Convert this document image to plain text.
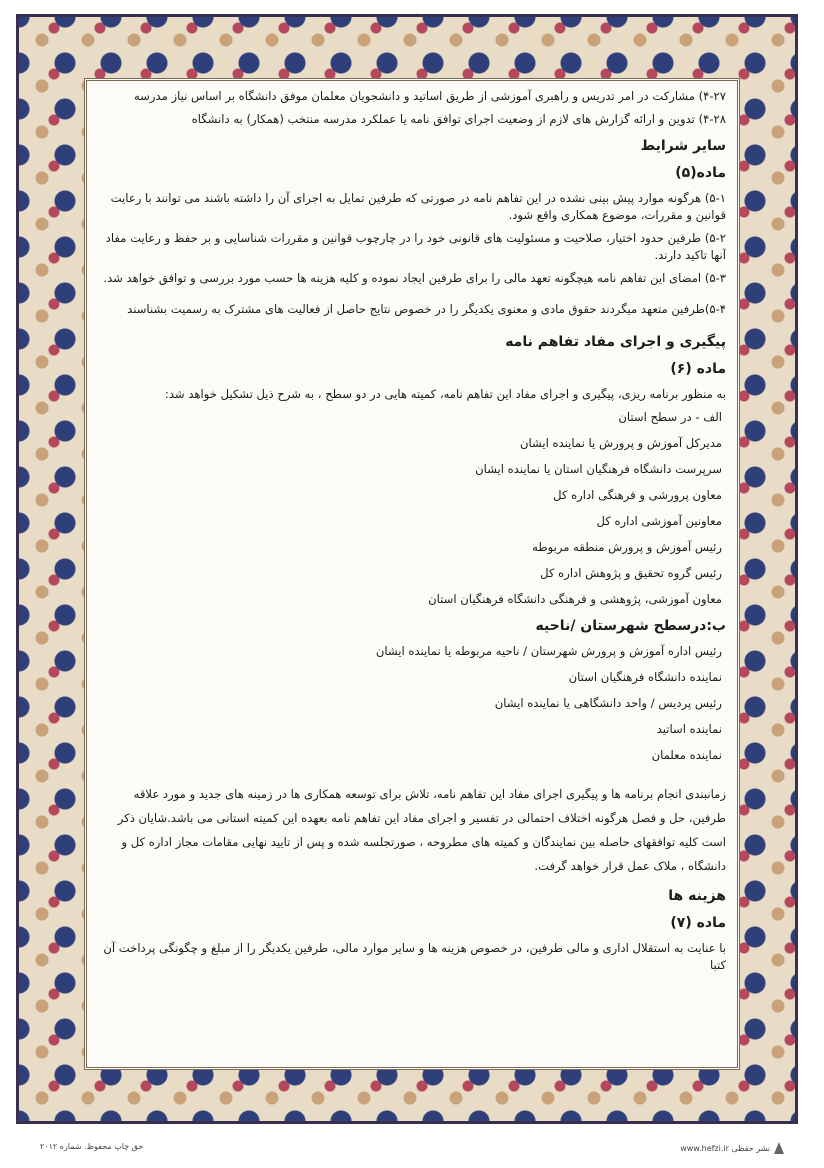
·  ·
۴-۲۷) مشارکت در امر تدریس و راهبری آموزشی از طریق اساتید و دانشجویان معلمان موفق دانشگاه بر اساس نیاز مدرسه
۴-۲۸) تدوین و ارائه گزارش های لازم از وضعیت اجرای توافق نامه یا عملکرد مدرسه منتخب (همکار) به دانشگاه
سایر شرایط
ماده(۵)
۵-۱) هرگونه موارد پیش بینی نشده در این تفاهم نامه در صورتی که طرفین تمایل به اجرای آن را داشته باشند می توانند با رعایت قوانین و مقررات، موضوع همکاری واقع شود.
۵-۲) طرفین حدود اختیار، صلاحیت و مسئولیت های قانونی خود را در چارچوب قوانین و مقررات شناسایی و بر حفظ و رعایت مفاد آنها تاکید دارند.
۵-۳) امضای این تفاهم نامه هیچگونه تعهد مالی را برای طرفین ایجاد نموده و کلیه هزینه ها حسب مورد بررسی و توافق خواهد شد.
۵-۴)طرفین متعهد میگردند حقوق مادی و معنوی یکدیگر را در خصوص نتایج حاصل از فعالیت های مشترک به رسمیت بشناسند
پیگیری و اجرای مفاد تفاهم نامه
ماده (۶)
به منظور برنامه ریزی، پیگیری و اجرای مفاد این تفاهم نامه، کمیته هایی در دو سطح ، به شرح ذیل تشکیل خواهد شد:
الف - در سطح استان
مدیرکل آموزش و پرورش یا نماینده ایشان
سرپرست دانشگاه فرهنگیان استان یا نماینده ایشان
معاون پرورشی و فرهنگی اداره کل
معاونین آموزشی اداره کل
رئیس آموزش و پرورش منطقه مربوطه
رئیس گروه تحقیق و پژوهش اداره کل
معاون آموزشی، پژوهشی و فرهنگی دانشگاه فرهنگیان استان
ب:درسطح شهرستان /ناحیه
رئیس اداره آموزش و پرورش شهرستان / ناحیه مربوطه یا نماینده ایشان
نماینده دانشگاه فرهنگیان استان
رئیس پردیس / واحد دانشگاهی یا نماینده ایشان
نماینده اساتید
نماینده معلمان
زمانبندی انجام برنامه ها و پیگیری اجرای مفاد این تفاهم نامه، تلاش برای توسعه همکاری ها در زمینه های جدید و مورد علاقه طرفین، حل و فصل هرگونه اختلاف احتمالی در تفسیر و اجرای مفاد این تفاهم نامه بعهده این کمیته استانی می باشد.شایان ذکر است کلیه توافقهای حاصله بین نمایندگان و کمیته های مطروحه ، صورتجلسه شده و پس از تایید نهایی مقامات مجاز اداره کل و دانشگاه ، ملاک عمل قرار خواهد گرفت.
هزینه ها
ماده (۷)
با عنایت به استقلال اداری و مالی طرفین، در خصوص هزینه ها و سایر موارد مالی، طرفین یکدیگر را از مبلغ و چگونگی پرداخت آن کتبا
حق چاپ محفوظ. شماره ۲۰۱۲	www.hefzi.ir نشر حقظی
